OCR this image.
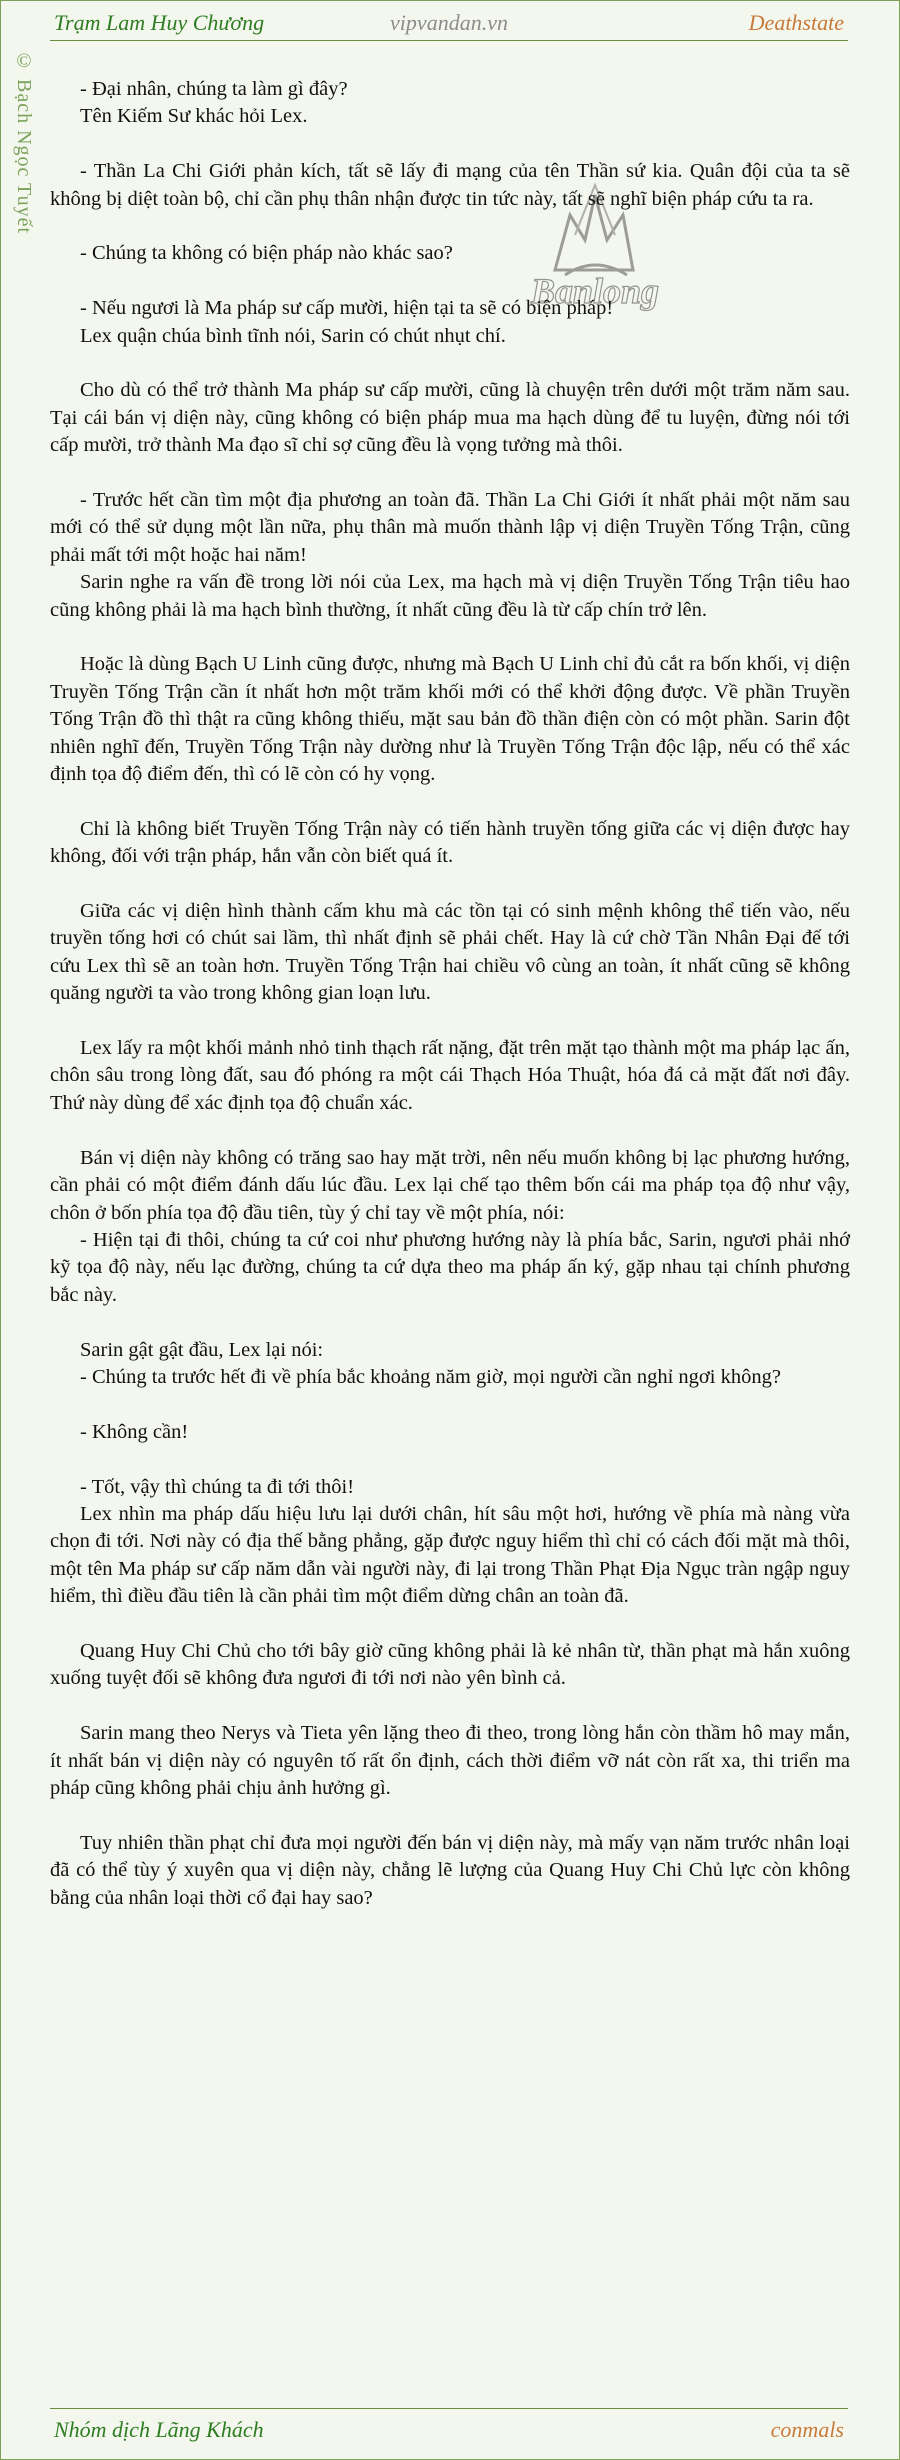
Trạm Lam Huy Chương	vipvandan.vn	Deathstate
© Bạch Ngọc Tuyết
Banlong

- Đại nhân, chúng ta làm gì đây?
Tên Kiếm Sư khác hỏi Lex.

- Thần La Chi Giới phản kích, tất sẽ lấy đi mạng của tên Thần sứ kia. Quân đội của ta sẽ không bị diệt toàn bộ, chỉ cần phụ thân nhận được tin tức này, tất sẽ nghĩ biện pháp cứu ta ra.

- Chúng ta không có biện pháp nào khác sao?

- Nếu ngươi là Ma pháp sư cấp mười, hiện tại ta sẽ có biện pháp!
Lex quận chúa bình tĩnh nói, Sarin có chút nhụt chí.

Cho dù có thể trở thành Ma pháp sư cấp mười, cũng là chuyện trên dưới một trăm năm sau. Tại cái bán vị diện này, cũng không có biện pháp mua ma hạch dùng để tu luyện, đừng nói tới cấp mười, trở thành Ma đạo sĩ chỉ sợ cũng đều là vọng tưởng mà thôi.

- Trước hết cần tìm một địa phương an toàn đã. Thần La Chi Giới ít nhất phải một năm sau mới có thể sử dụng một lần nữa, phụ thân mà muốn thành lập vị diện Truyền Tống Trận, cũng phải mất tới một hoặc hai năm!
Sarin nghe ra vấn đề trong lời nói của Lex, ma hạch mà vị diện Truyền Tống Trận tiêu hao cũng không phải là ma hạch bình thường, ít nhất cũng đều là từ cấp chín trở lên.

Hoặc là dùng Bạch U Linh cũng được, nhưng mà Bạch U Linh chỉ đủ cắt ra bốn khối, vị diện Truyền Tống Trận cần ít nhất hơn một trăm khối mới có thể khởi động được. Về phần Truyền Tống Trận đồ thì thật ra cũng không thiếu, mặt sau bản đồ thần điện còn có một phần. Sarin đột nhiên nghĩ đến, Truyền Tống Trận này dường như là Truyền Tống Trận độc lập, nếu có thể xác định tọa độ điểm đến, thì có lẽ còn có hy vọng.

Chỉ là không biết Truyền Tống Trận này có tiến hành truyền tống giữa các vị diện được hay không, đối với trận pháp, hắn vẫn còn biết quá ít.

Giữa các vị diện hình thành cấm khu mà các tồn tại có sinh mệnh không thể tiến vào, nếu truyền tống hơi có chút sai lầm, thì nhất định sẽ phải chết. Hay là cứ chờ Tần Nhân Đại đế tới cứu Lex thì sẽ an toàn hơn. Truyền Tống Trận hai chiều vô cùng an toàn, ít nhất cũng sẽ không quăng người ta vào trong không gian loạn lưu.

Lex lấy ra một khối mảnh nhỏ tinh thạch rất nặng, đặt trên mặt tạo thành một ma pháp lạc ấn, chôn sâu trong lòng đất, sau đó phóng ra một cái Thạch Hóa Thuật, hóa đá cả mặt đất nơi đây. Thứ này dùng để xác định tọa độ chuẩn xác.

Bán vị diện này không có trăng sao hay mặt trời, nên nếu muốn không bị lạc phương hướng, cần phải có một điểm đánh dấu lúc đầu. Lex lại chế tạo thêm bốn cái ma pháp tọa độ như vậy, chôn ở bốn phía tọa độ đầu tiên, tùy ý chỉ tay về một phía, nói:
- Hiện tại đi thôi, chúng ta cứ coi như phương hướng này là phía bắc, Sarin, ngươi phải nhớ kỹ tọa độ này, nếu lạc đường, chúng ta cứ dựa theo ma pháp ấn ký, gặp nhau tại chính phương bắc này.

Sarin gật gật đầu, Lex lại nói:
- Chúng ta trước hết đi về phía bắc khoảng năm giờ, mọi người cần nghỉ ngơi không?

- Không cần!

- Tốt, vậy thì chúng ta đi tới thôi!
Lex nhìn ma pháp dấu hiệu lưu lại dưới chân, hít sâu một hơi, hướng về phía mà nàng vừa chọn đi tới. Nơi này có địa thế bằng phẳng, gặp được nguy hiểm thì chỉ có cách đối mặt mà thôi, một tên Ma pháp sư cấp năm dẫn vài người này, đi lại trong Thần Phạt Địa Ngục tràn ngập nguy hiểm, thì điều đầu tiên là cần phải tìm một điểm dừng chân an toàn đã.

Quang Huy Chi Chủ cho tới bây giờ cũng không phải là kẻ nhân từ, thần phạt mà hắn xuông xuống tuyệt đối sẽ không đưa ngươi đi tới nơi nào yên bình cả.

Sarin mang theo Nerys và Tieta yên lặng theo đi theo, trong lòng hắn còn thầm hô may mắn, ít nhất bán vị diện này có nguyên tố rất ổn định, cách thời điểm vỡ nát còn rất xa, thi triển ma pháp cũng không phải chịu ảnh hưởng gì.

Tuy nhiên thần phạt chỉ đưa mọi người đến bán vị diện này, mà mấy vạn năm trước nhân loại đã có thể tùy ý xuyên qua vị diện này, chẳng lẽ lượng của Quang Huy Chi Chủ lực còn không bằng của nhân loại thời cổ đại hay sao?

Nhóm dịch Lãng Khách	conmals
